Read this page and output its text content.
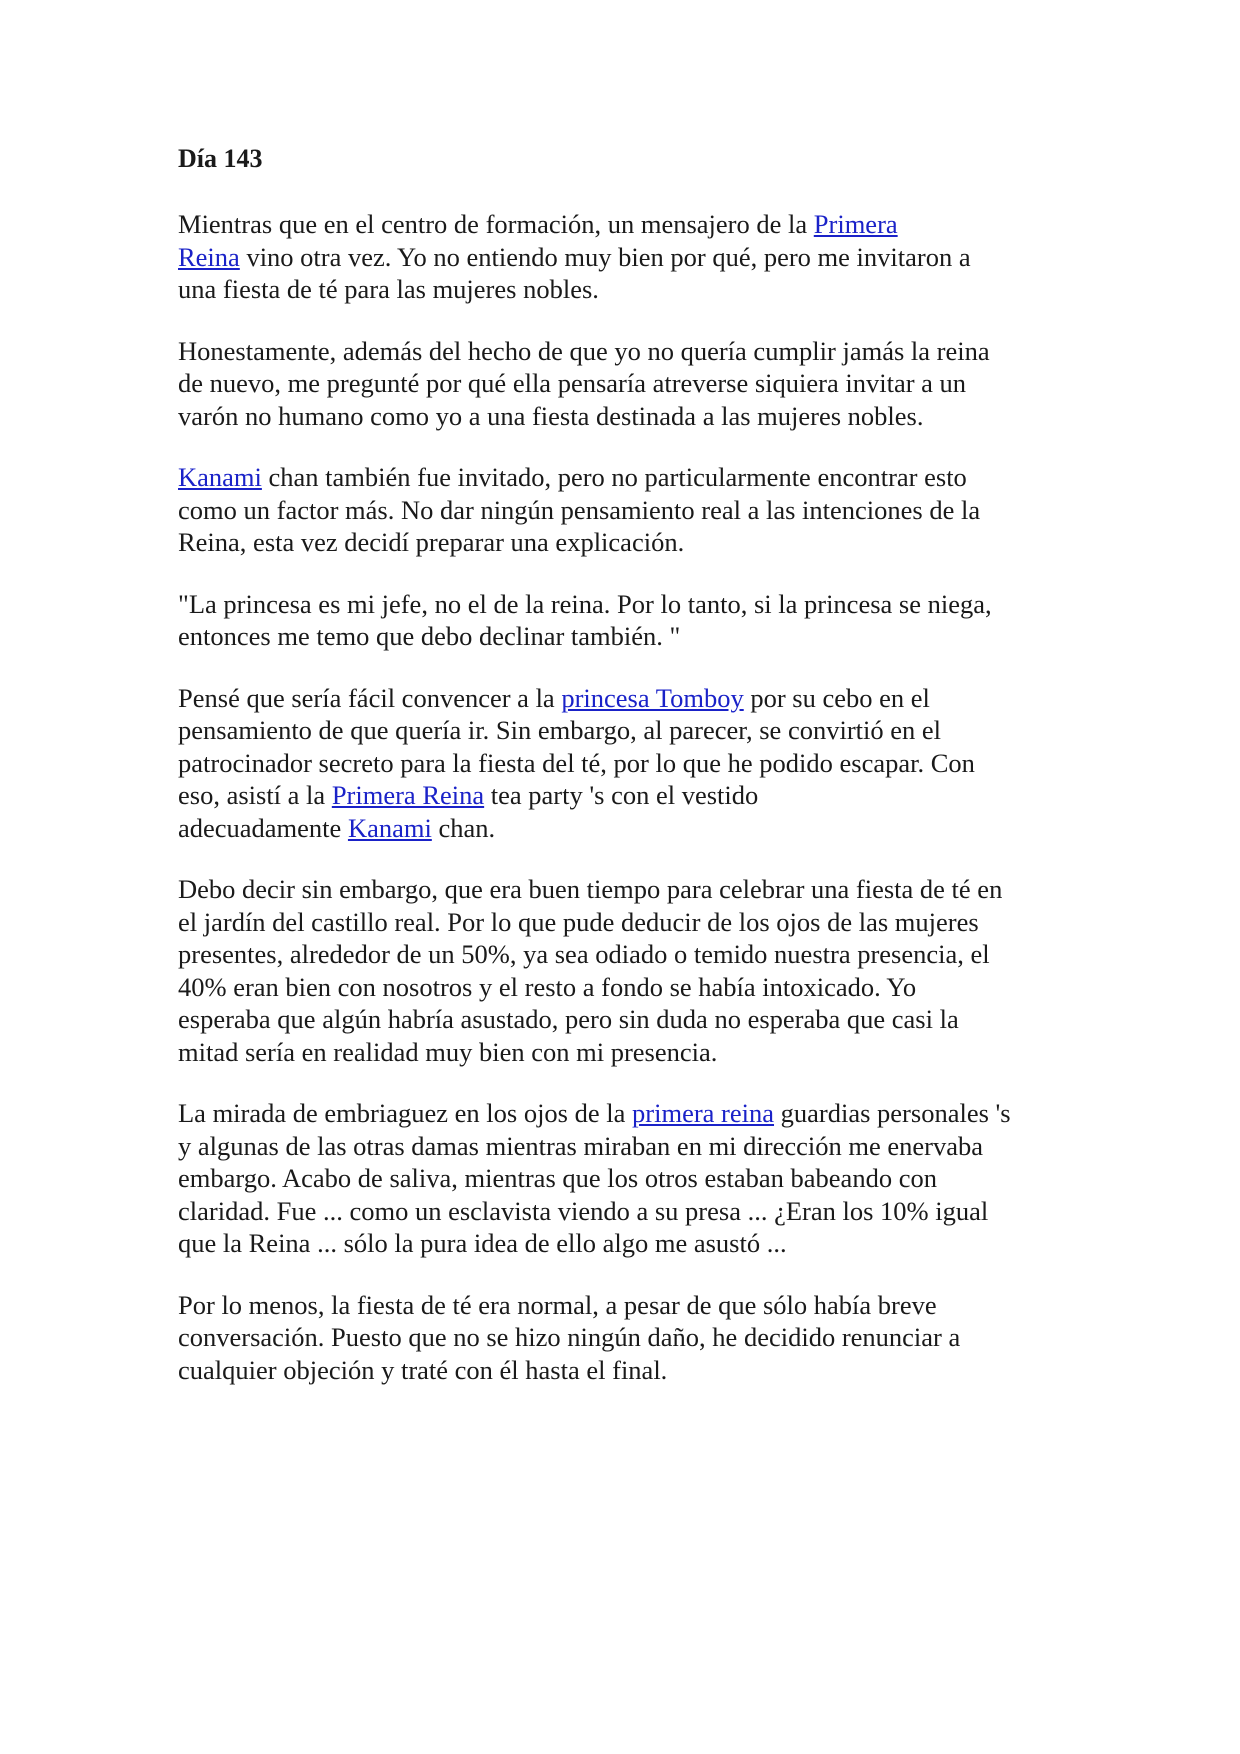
Día 143

Mientras que en el centro de formación, un mensajero de la Primera
Reina vino otra vez. Yo no entiendo muy bien por qué, pero me invitaron a
una fiesta de té para las mujeres nobles.

Honestamente, además del hecho de que yo no quería cumplir jamás la reina
de nuevo, me pregunté por qué ella pensaría atreverse siquiera invitar a un
varón no humano como yo a una fiesta destinada a las mujeres nobles.

Kanami chan también fue invitado, pero no particularmente encontrar esto
como un factor más. No dar ningún pensamiento real a las intenciones de la
Reina, esta vez decidí preparar una explicación.

"La princesa es mi jefe, no el de la reina. Por lo tanto, si la princesa se niega,
entonces me temo que debo declinar también. "

Pensé que sería fácil convencer a la princesa Tomboy por su cebo en el
pensamiento de que quería ir. Sin embargo, al parecer, se convirtió en el
patrocinador secreto para la fiesta del té, por lo que he podido escapar. Con
eso, asistí a la Primera Reina tea party 's con el vestido
adecuadamente Kanami chan.

Debo decir sin embargo, que era buen tiempo para celebrar una fiesta de té en
el jardín del castillo real. Por lo que pude deducir de los ojos de las mujeres
presentes, alrededor de un 50%, ya sea odiado o temido nuestra presencia, el
40% eran bien con nosotros y el resto a fondo se había intoxicado. Yo
esperaba que algún habría asustado, pero sin duda no esperaba que casi la
mitad sería en realidad muy bien con mi presencia.

La mirada de embriaguez en los ojos de la primera reina guardias personales 's
y algunas de las otras damas mientras miraban en mi dirección me enervaba
embargo. Acabo de saliva, mientras que los otros estaban babeando con
claridad. Fue ... como un esclavista viendo a su presa ... ¿Eran los 10% igual
que la Reina ... sólo la pura idea de ello algo me asustó ...

Por lo menos, la fiesta de té era normal, a pesar de que sólo había breve
conversación. Puesto que no se hizo ningún daño, he decidido renunciar a
cualquier objeción y traté con él hasta el final.
